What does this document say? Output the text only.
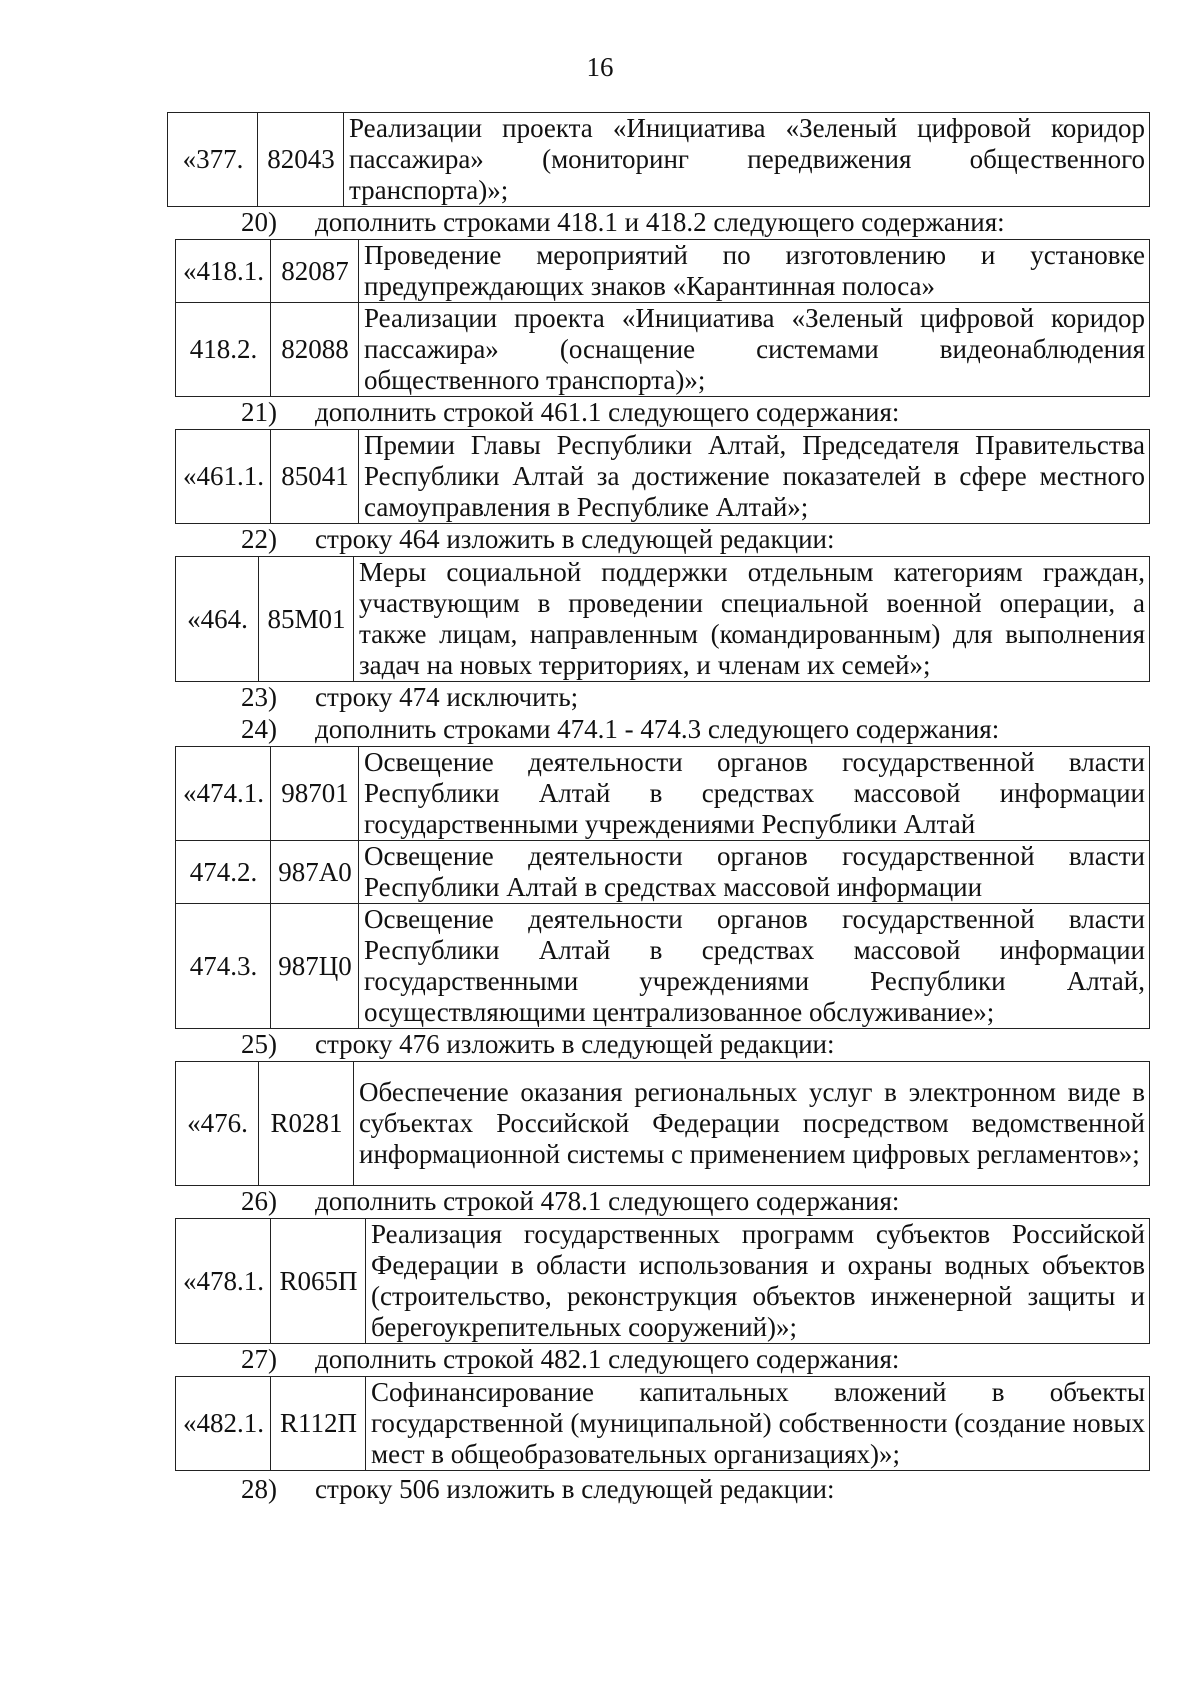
16
«377.	82043	Реализации проекта «Инициатива «Зеленый цифровой коридор пассажира» (мониторинг передвижения общественного транспорта)»;
20) дополнить строками 418.1 и 418.2 следующего содержания:
«418.1.	82087	Проведение мероприятий по изготовлению и установке предупреждающих знаков «Карантинная полоса»
418.2.	82088	Реализации проекта «Инициатива «Зеленый цифровой коридор пассажира» (оснащение системами видеонаблюдения общественного транспорта)»;
21) дополнить строкой 461.1 следующего содержания:
«461.1.	85041	Премии Главы Республики Алтай, Председателя Правительства Республики Алтай за достижение показателей в сфере местного самоуправления в Республике Алтай»;
22) строку 464 изложить в следующей редакции:
«464.	85М01	Меры социальной поддержки отдельным категориям граждан, участвующим в проведении специальной военной операции, а также лицам, направленным (командированным) для выполнения задач на новых территориях, и членам их семей»;
23) строку 474 исключить;
24) дополнить строками 474.1 - 474.3 следующего содержания:
«474.1.	98701	Освещение деятельности органов государственной власти Республики Алтай в средствах массовой информации государственными учреждениями Республики Алтай
474.2.	987А0	Освещение деятельности органов государственной власти Республики Алтай в средствах массовой информации
474.3.	987Ц0	Освещение деятельности органов государственной власти Республики Алтай в средствах массовой информации государственными учреждениями Республики Алтай, осуществляющими централизованное обслуживание»;
25) строку 476 изложить в следующей редакции:
«476.	R0281	Обеспечение оказания региональных услуг в электронном виде в субъектах Российской Федерации посредством ведомственной информационной системы с применением цифровых регламентов»;
26) дополнить строкой 478.1 следующего содержания:
«478.1.	R065П	Реализация государственных программ субъектов Российской Федерации в области использования и охраны водных объектов (строительство, реконструкция объектов инженерной защиты и берегоукрепительных сооружений)»;
27) дополнить строкой 482.1 следующего содержания:
«482.1.	R112П	Софинансирование капитальных вложений в объекты государственной (муниципальной) собственности (создание новых мест в общеобразовательных организациях)»;
28) строку 506 изложить в следующей редакции:
